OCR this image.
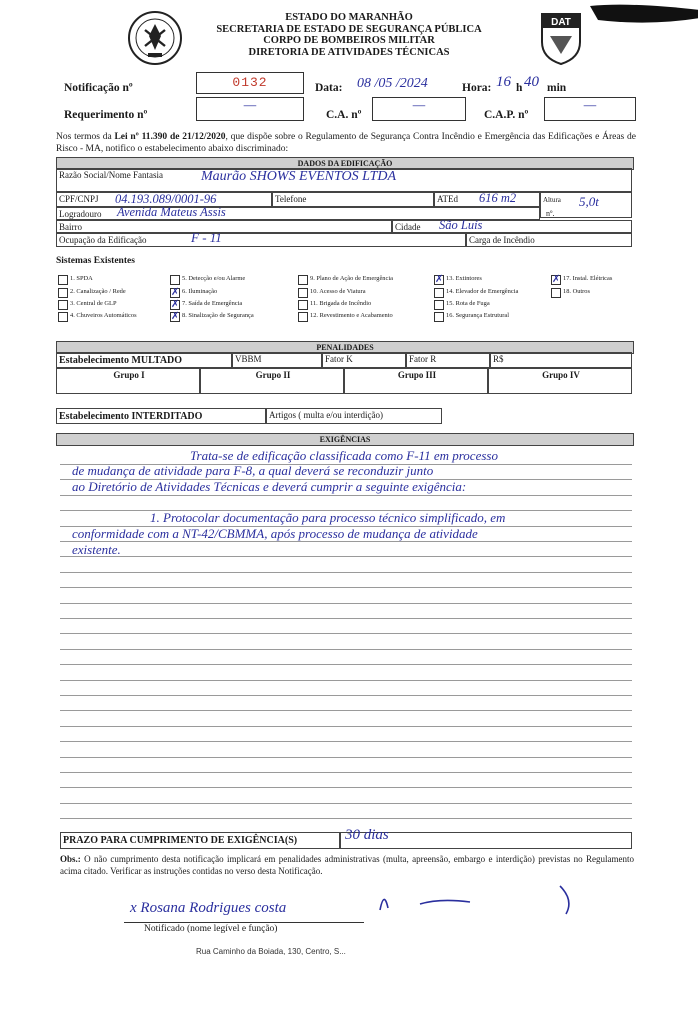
DAT
ESTADO DO MARANHÃO
SECRETARIA DE ESTADO DE SEGURANÇA PÚBLICA
CORPO DE BOMBEIROS MILITAR
DIRETORIA DE ATIVIDADES TÉCNICAS
Notificação nº	0132	Data: 08 /05 /2024	Hora: 16 h 40 min
Requerimento nº
—
C.A. nº
—
C.A.P. nº
—
Nos termos da Lei nº 11.390 de 21/12/2020, que dispõe sobre o Regulamento de Segurança Contra Incêndio e Emergência das Edificações e Áreas de Risco - MA, notifico o estabelecimento abaixo discriminado:
DADOS DA EDIFICAÇÃO
Razão Social/Nome Fantasia	Maurão SHOWS EVENTOS LTDA
CPF/CNPJ 04.193.089/0001-96	Telefone	ATEd 616 m2	Altura 5,0t
Logradouro Avenida Mateus Assis	nº.
Bairro	Cidade São Luís
Ocupação da Edificação	F - 11	Carga de Incêndio
Sistemas Existentes
1. SPDA
2. Canalização / Rede
3. Central de GLP
4. Chuveiros Automáticos
5. Detecção e/ou Alarme
✗ 6. Iluminação
✗ 7. Saída de Emergência
✗ 8. Sinalização de Segurança
9. Plano de Ação de Emergência
10. Acesso de Viatura
11. Brigada de Incêndio
12. Revestimento e Acabamento
✗ 13. Extintores
14. Elevador de Emergência
15. Rota de Fuga
16. Segurança Estrutural
✗ 17. Instal. Elétricas
18. Outros
PENALIDADES
Estabelecimento MULTADO	VBBM	Fator K	Fator R	R$
Grupo I	Grupo II	Grupo III	Grupo IV
Estabelecimento INTERDITADO	Artigos ( multa e/ou interdição)
EXIGÊNCIAS
Trata-se de edificação classificada como F-11 em processo
de mudança de atividade para F-8, a qual deverá se reconduzir junto
ao Diretório de Atividades Técnicas e deverá cumprir a seguinte exigência:
1. Protocolar documentação para processo técnico simplificado, em
conformidade com a NT-42/CBMMA, após processo de mudança de atividade
existente.
PRAZO PARA CUMPRIMENTO DE EXIGÊNCIA(S)	30 dias
Obs.: O não cumprimento desta notificação implicará em penalidades administrativas (multa, apreensão, embargo e interdição) previstas no Regulamento acima citado. Verificar as instruções contidas no verso desta Notificação.
x Rosana Rodrigues costa
Notificado (nome legível e função)
Rua Caminho da Boiada, 130, Centro, S...
